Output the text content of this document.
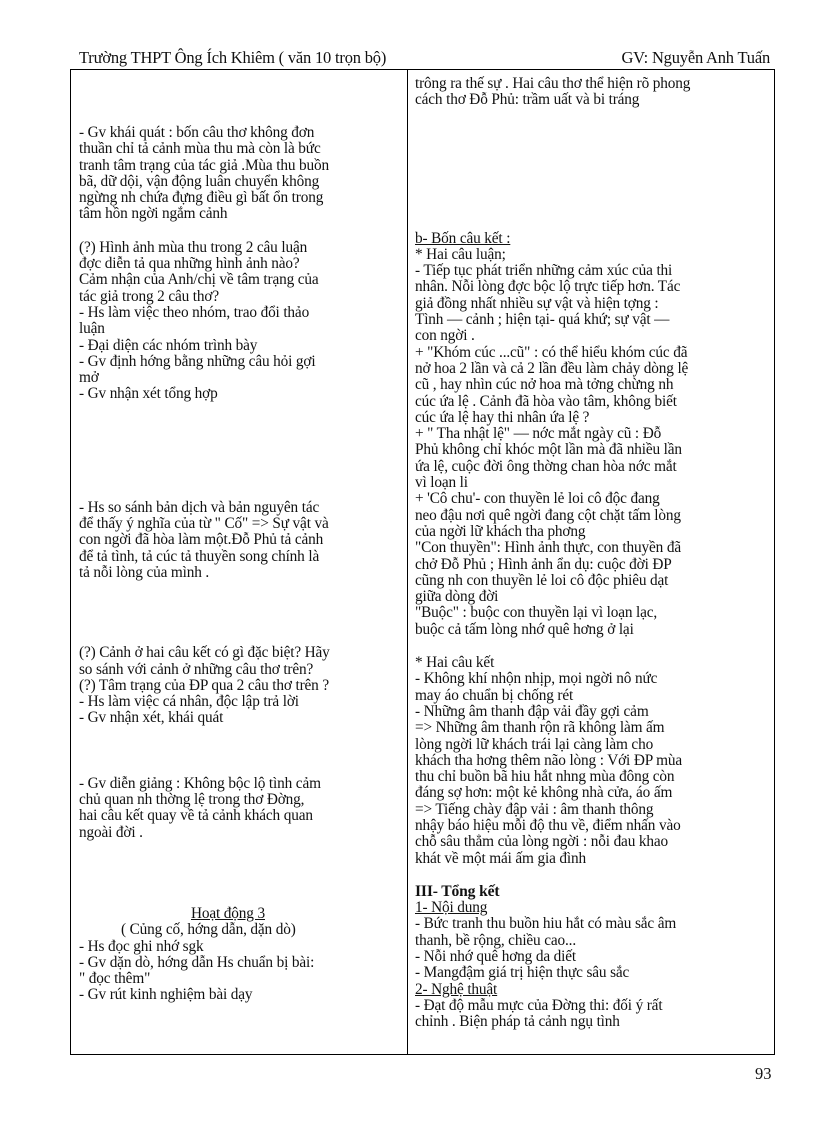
Trường THPT Ông Ích Khiêm ( văn 10 trọn bộ)	GV: Nguyễn Anh Tuấn

- Gv khái quát : bốn câu thơ không đơn

thuần chỉ tả cảnh mùa thu mà còn là bức

tranh tâm trạng của tác giả .Mùa thu buồn

bã, dữ dội, vận động luân chuyển không

ngừng nh chứa đựng điều gì bất ổn trong

tâm hồn ngời ngắm cảnh

(?) Hình ảnh mùa thu trong 2 câu luận

đợc diễn tả qua những hình ảnh nào?

Cảm nhận của Anh/chị về tâm trạng của

tác giả trong 2 câu thơ?

- Hs làm việc theo nhóm, trao đổi thảo

luận

- Đại diện các nhóm trình bày

- Gv định hớng bằng những câu hỏi gợi

mở

- Gv nhận xét tổng hợp

- Hs so sánh bản dịch và bản nguyên tác

để thấy ý nghĩa của từ " Cố" => Sự vật và

con ngời đã hòa làm một.Đỗ Phủ tả cảnh

để tả tình, tả cúc tả thuyền song chính là

tả nỗi lòng của mình .

(?) Cảnh ở hai câu kết có gì đặc biệt? Hãy

so sánh với cảnh ở những câu thơ trên?

(?) Tâm trạng của ĐP qua 2 câu thơ trên ?

- Hs làm việc cá nhân, độc lập trả lời

- Gv nhận xét, khái quát

- Gv diễn giảng : Không bộc lộ tình cảm

chủ quan nh thờng lệ trong thơ Đờng,

hai câu kết quay về tả cảnh khách quan

ngoài đời .

Hoạt động 3

( Củng cố, hớng dẫn, dặn dò)

- Hs đọc ghi nhớ sgk

- Gv dặn dò, hớng dẫn Hs chuẩn bị bài:

" đọc thêm"

- Gv rút kinh nghiệm bài dạy

trông ra thế sự . Hai câu thơ thể hiện rõ phong

cách thơ Đỗ Phủ: trầm uất và bi tráng

b- Bốn câu kết :

* Hai câu luận;

- Tiếp tục phát triển những cảm xúc của thi

nhân. Nỗi lòng đợc bộc lộ trực tiếp hơn. Tác

giả đồng nhất nhiều sự vật và hiện tợng :

Tình — cảnh ; hiện tại- quá khứ; sự vật —

con ngời .

+ "Khóm cúc ...cũ" : có thể hiểu khóm cúc đã

nở hoa 2 lần và cả 2 lần đều làm chảy dòng lệ

cũ , hay nhìn cúc nở hoa mà tởng chừng nh

cúc ứa lệ . Cảnh đã hòa vào tâm, không biết

cúc ứa lệ hay thi nhân ứa lệ ?

+ " Tha nhật lệ" — nớc mắt ngày cũ : Đỗ

Phủ không chỉ khóc một lần mà đã nhiều lần

ứa lệ, cuộc đời ông thờng chan hòa nớc mắt

vì loạn li

+ 'Cô chu'- con thuyền lẻ loi cô độc đang

neo đậu nơi quê ngời đang cột chặt tấm lòng

của ngời lữ khách tha phơng

"Con thuyền": Hình ảnh thực, con thuyền đã

chở Đỗ Phủ ; Hình ảnh ẩn dụ: cuộc đời ĐP

cũng nh con thuyền lẻ loi cô độc phiêu dạt

giữa dòng đời

"Buộc" : buộc con thuyền lại vì loạn lạc,

buộc cả tấm lòng nhớ quê hơng ở lại

* Hai câu kết

- Không khí nhộn nhịp, mọi ngời nô nức

may áo chuẩn bị chống rét

- Những âm thanh đập vải đầy gợi cảm

=> Những âm thanh rộn rã không làm ấm

lòng ngời lữ khách trái lại càng làm cho

khách tha hơng thêm não lòng : Với ĐP mùa

thu chỉ buồn bã hiu hắt nhng mùa đông còn

đáng sợ hơn: một kẻ không nhà cửa, áo ấm

=> Tiếng chày đập vải : âm thanh thông

nhậy báo hiệu mỗi độ thu về, điểm nhấn vào

chỗ sâu thẳm của lòng ngời : nỗi đau khao

khát về một mái ấm gia đình

III- Tổng kết

1- Nội dung

- Bức tranh thu buồn hiu hắt có màu sắc âm

thanh, bề rộng, chiều cao...

- Nỗi nhớ quê hơng da diết

- Mangđậm giá trị hiện thực sâu sắc

2- Nghệ thuật

- Đạt độ mẫu mực của Đờng thi: đối ý rất

chỉnh . Biện pháp tả cảnh ngụ tình

93
